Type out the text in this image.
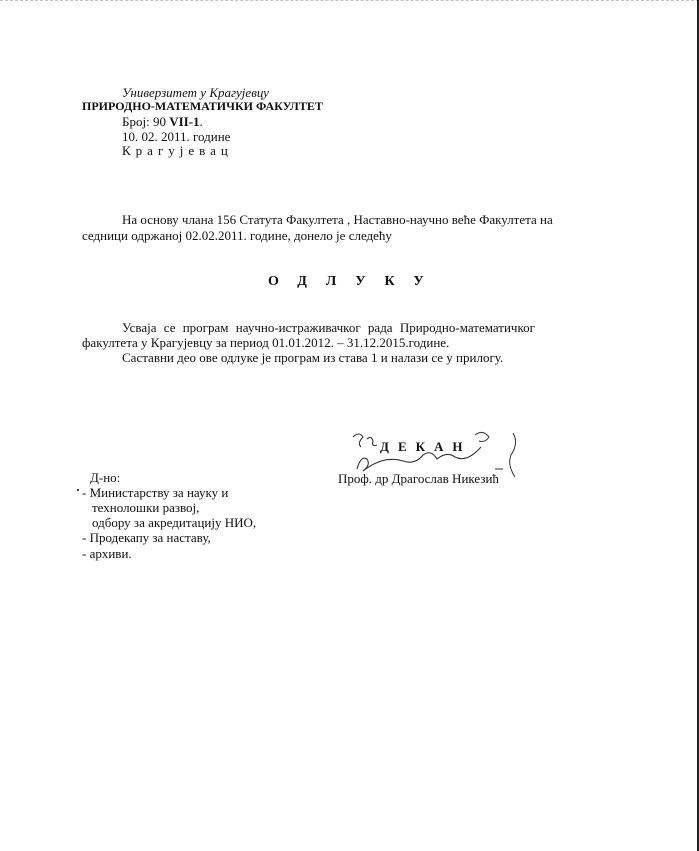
Универзитет у Крагујевцу
ПРИРОДНО-МАТЕМАТИЧКИ ФАКУЛТЕТ
Број: 90 VII-1.
10. 02. 2011. године
Крагујевац
На основу члана 156 Статута Факултета , Наставно-научно веће Факултета на
седници одржаној 02.02.2011. године, донело је следећу
ОДЛУКУ
Усваја се програм научно-истраживачког рада Природно-математичког
факултета у Крагујевцу за период 01.01.2012. – 31.12.2015.године.
Саставни део ове одлуке је програм из става 1 и налази се у прилогу.
ДЕКАН
Проф. др Драгослав Никезић
Д-но:
- Министарству за науку и
технолошки развој,
одбору за акредитацију НИО,
- Продекапу за наставу,
- архиви.
